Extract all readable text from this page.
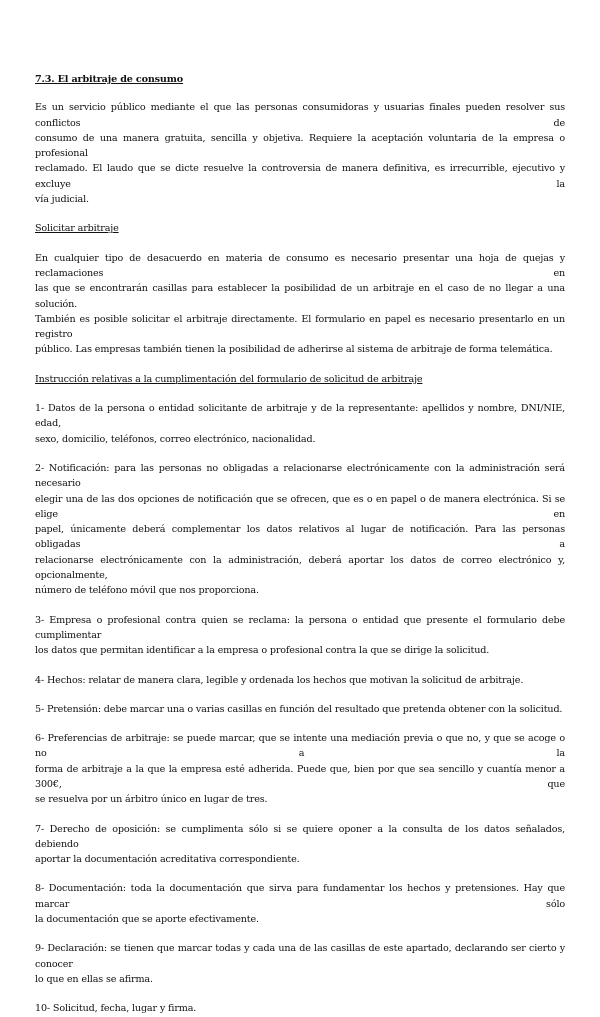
7.3. El arbitraje de consumo
Es un servicio público mediante el que las personas consumidoras y usuarias finales pueden resolver sus conflictos de
consumo de una manera gratuita, sencilla y objetiva. Requiere la aceptación voluntaria de la empresa o profesional
reclamado. El laudo que se dicte resuelve la controversia de manera definitiva, es irrecurrible, ejecutivo y excluye la
vía judicial.
Solicitar arbitraje
En cualquier tipo de desacuerdo en materia de consumo es necesario presentar una hoja de quejas y reclamaciones en
las que se encontrarán casillas para establecer la posibilidad de un arbitraje en el caso de no llegar a una solución.
También es posible solicitar el arbitraje directamente. El formulario en papel es necesario presentarlo en un registro
público. Las empresas también tienen la posibilidad de adherirse al sistema de arbitraje de forma telemática.
Instrucción relativas a la cumplimentación del formulario de solicitud de arbitraje
1- Datos de la persona o entidad solicitante de arbitraje y de la representante: apellidos y nombre, DNI/NIE, edad,
sexo, domicilio, teléfonos, correo electrónico, nacionalidad.
2- Notificación: para las personas no obligadas a relacionarse electrónicamente con la administración será necesario
elegir una de las dos opciones de notificación que se ofrecen, que es o en papel o de manera electrónica. Si se elige en
papel, únicamente deberá complementar los datos relativos al lugar de notificación. Para las personas obligadas a
relacionarse electrónicamente con la administración, deberá aportar los datos de correo electrónico y, opcionalmente,
número de teléfono móvil que nos proporciona.
3- Empresa o profesional contra quien se reclama: la persona o entidad que presente el formulario debe cumplimentar
los datos que permitan identificar a la empresa o profesional contra la que se dirige la solicitud.
4- Hechos: relatar de manera clara, legible y ordenada los hechos que motivan la solicitud de arbitraje.
5- Pretensión: debe marcar una o varias casillas en función del resultado que pretenda obtener con la solicitud.
6- Preferencias de arbitraje: se puede marcar, que se intente una mediación previa o que no, y que se acoge o no a la
forma de arbitraje a la que la empresa esté adherida. Puede que, bien por que sea sencillo y cuantía menor a 300€, que
se resuelva por un árbitro único en lugar de tres.
7- Derecho de oposición: se cumplimenta sólo si se quiere oponer a la consulta de los datos señalados, debiendo
aportar la documentación acreditativa correspondiente.
8- Documentación: toda la documentación que sirva para fundamentar los hechos y pretensiones. Hay que marcar sólo
la documentación que se aporte efectivamente.
9- Declaración: se tienen que marcar todas y cada una de las casillas de este apartado, declarando ser cierto y conocer
lo que en ellas se afirma.
10- Solicitud, fecha, lugar y firma.
